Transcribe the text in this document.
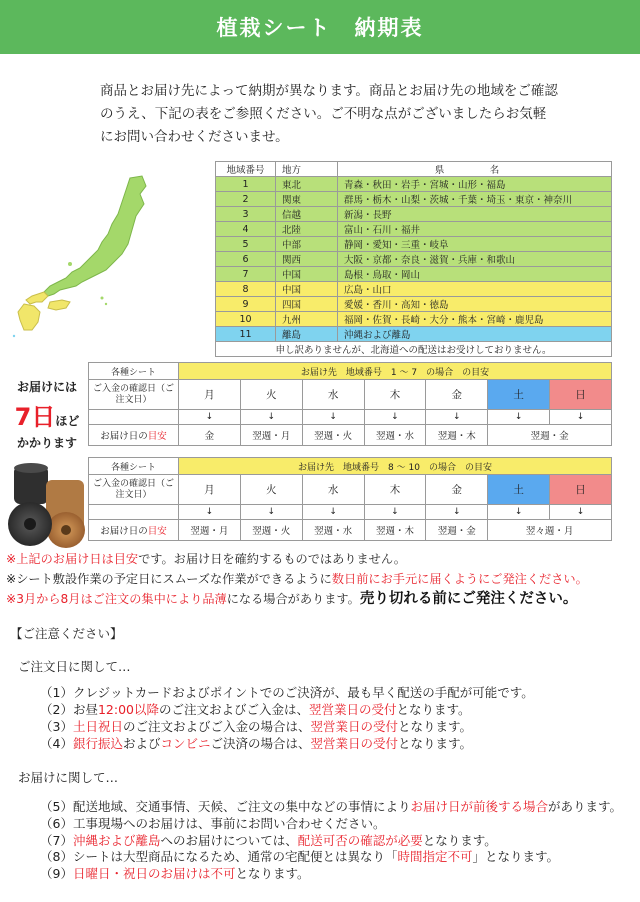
植栽シート　納期表
商品とお届け先によって納期が異なります。商品とお届け先の地域をご確認
のうえ、下記の表をご参照ください。ご不明な点がございましたらお気軽
にお問い合わせくださいませ。
地域番号	地方	県　名
1	東北	青森・秋田・岩手・宮城・山形・福島
2	関東	群馬・栃木・山梨・茨城・千葉・埼玉・東京・神奈川
3	信越	新潟・長野
4	北陸	富山・石川・福井
5	中部	静岡・愛知・三重・岐阜
6	関西	大阪・京都・奈良・滋賀・兵庫・和歌山
7	中国	島根・鳥取・岡山
8	中国	広島・山口
9	四国	愛媛・香川・高知・徳島
10	九州	福岡・佐賀・長崎・大分・熊本・宮崎・鹿児島
11	離島	沖縄および離島
申し訳ありませんが、北海道への配送はお受けしておりません。		
お届けには
7日ほど
かかります
各種シート	お届け先　地域番号　1 〜 7　の場合　の目安						
ご入金の確認日（ご注文日）	月	火	水	木	金	土	日
	↓	↓	↓	↓	↓	↓	↓
お届け日の目安	金	翌週・月	翌週・火	翌週・水	翌週・木	翌週・金	
各種シート	お届け先　地域番号　8 〜 10　の場合　の目安						
ご入金の確認日（ご注文日）	月	火	水	木	金	土	日
	↓	↓	↓	↓	↓	↓	↓
お届け日の目安	翌週・月	翌週・火	翌週・水	翌週・木	翌週・金	翌々週・月	
※上記のお届け日は目安です。お届け日を確約するものではありません。
※シート敷設作業の予定日にスムーズな作業ができるように数日前にお手元に届くようにご発注ください。
※3月から8月はご注文の集中により品薄になる場合があります。売り切れる前にご発注ください。
【ご注意ください】
ご注文日に関して…
（1）クレジットカードおよびポイントでのご決済が、最も早く配送の手配が可能です。
（2）お昼12:00以降のご注文およびご入金は、翌営業日の受付となります。
（3）土日祝日のご注文およびご入金の場合は、翌営業日の受付となります。
（4）銀行振込およびコンビニご決済の場合は、翌営業日の受付となります。
お届けに関して…
（5）配送地域、交通事情、天候、ご注文の集中などの事情によりお届け日が前後する場合があります。
（6）工事現場へのお届けは、事前にお問い合わせください。
（7）沖縄および離島へのお届けについては、配送可否の確認が必要となります。
（8）シートは大型商品になるため、通常の宅配便とは異なり「時間指定不可」となります。
（9）日曜日・祝日のお届けは不可となります。
